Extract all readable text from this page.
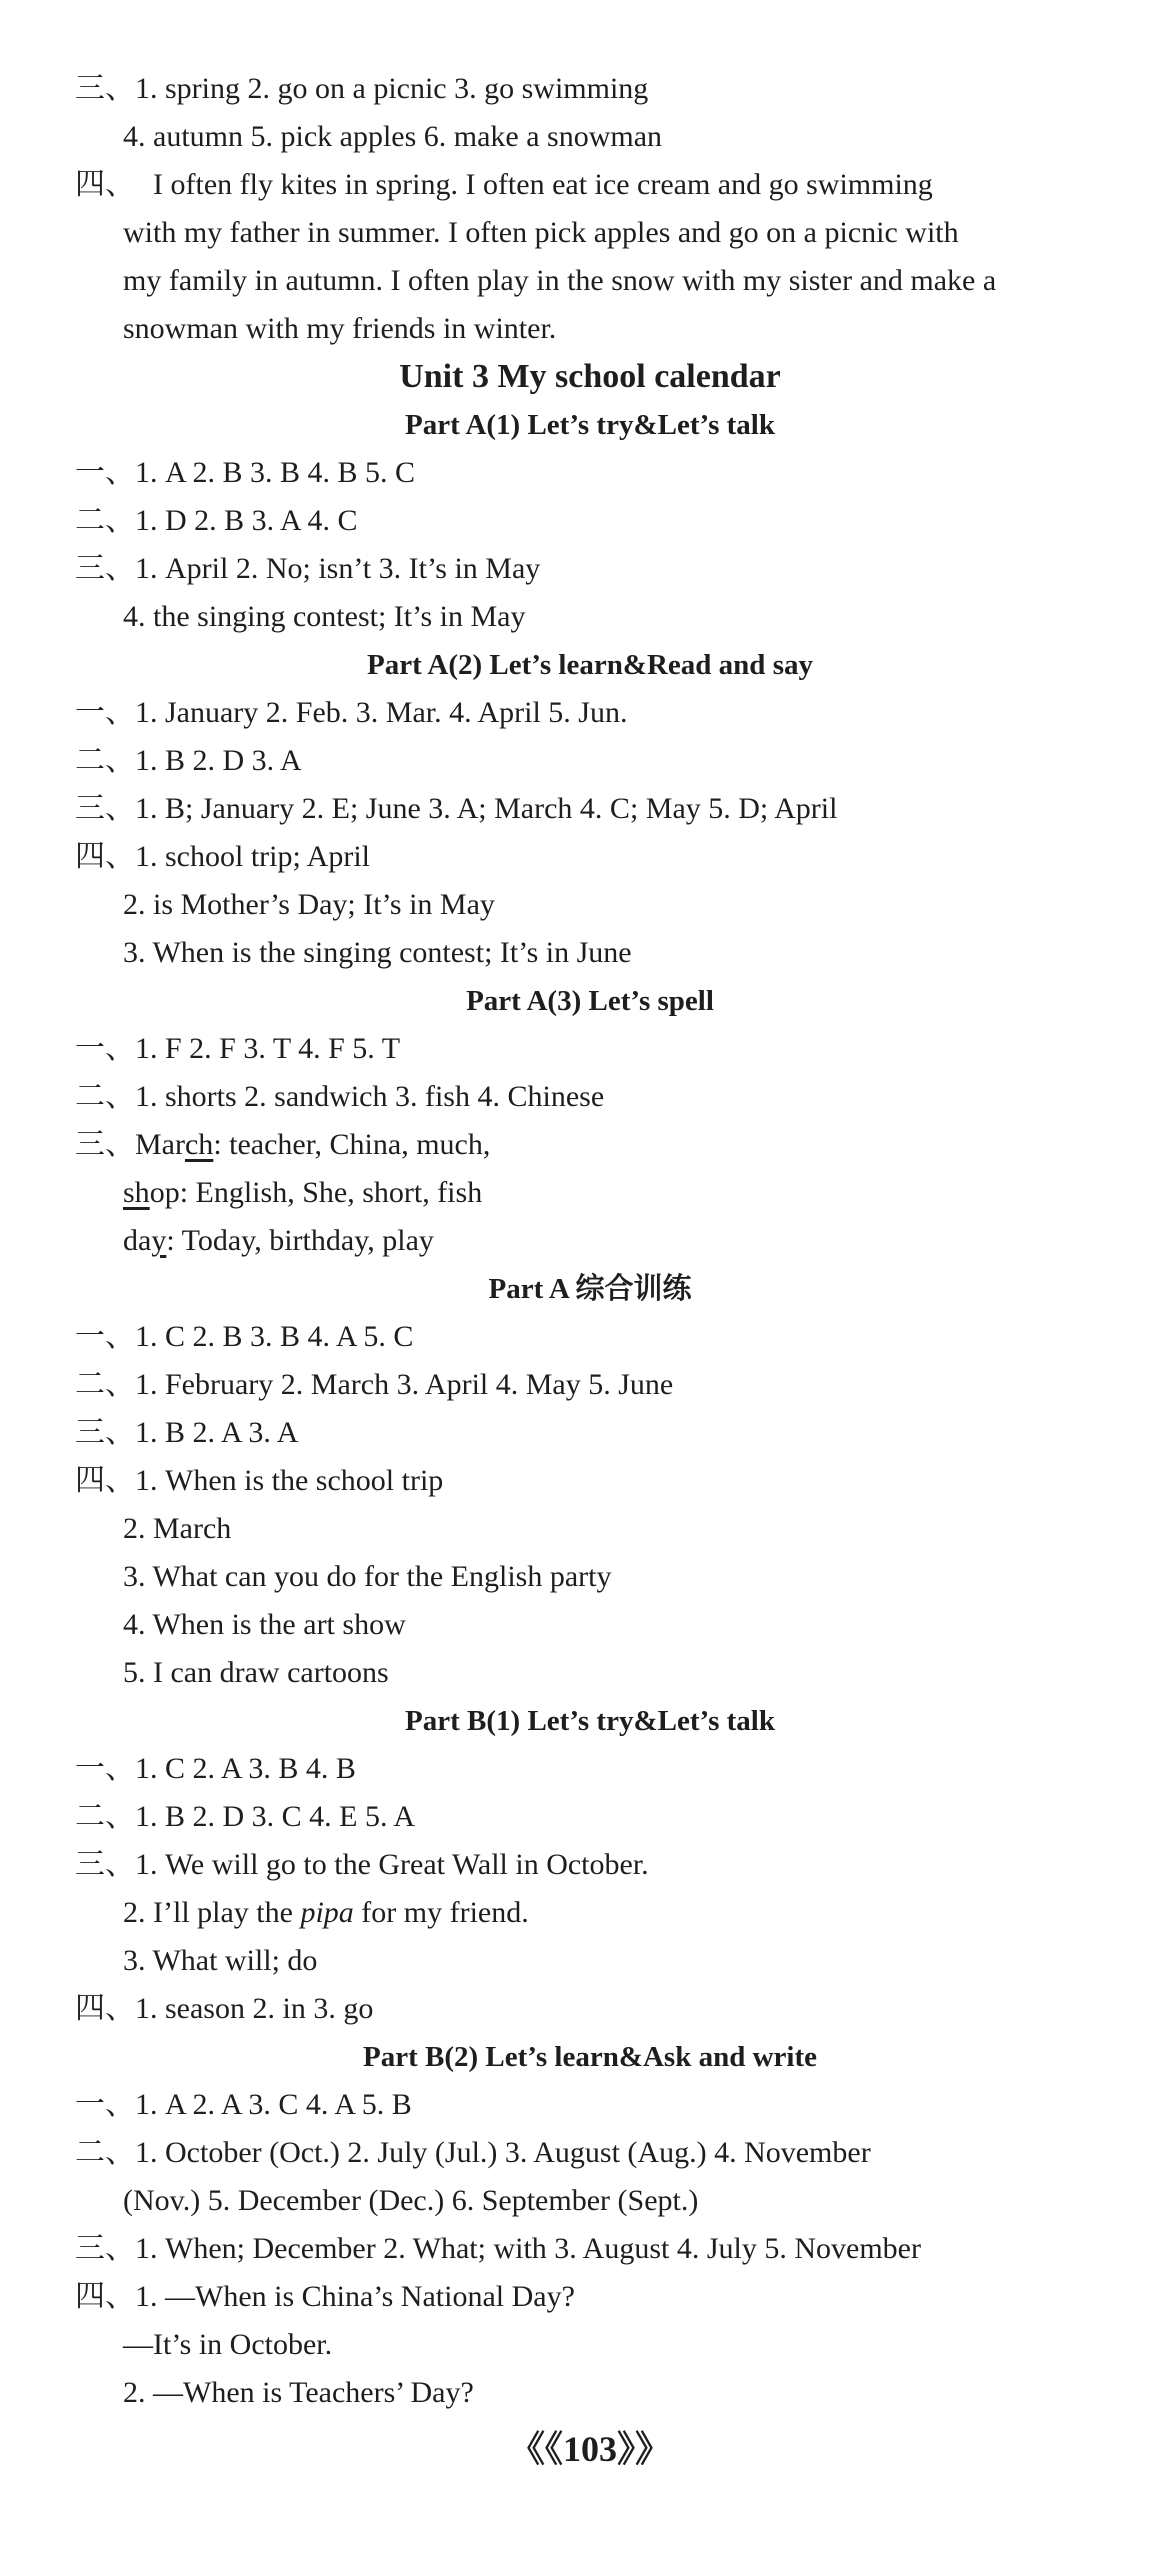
三、1. spring 2. go on a picnic 3. go swimming
4. autumn 5. pick apples 6. make a snowman
四、 I often fly kites in spring. I often eat ice cream and go swimming
with my father in summer. I often pick apples and go on a picnic with
my family in autumn. I often play in the snow with my sister and make a
snowman with my friends in winter.
Unit 3 My school calendar
Part A(1) Let’s try&Let’s talk
一、1. A 2. B 3. B 4. B 5. C
二、1. D 2. B 3. A 4. C
三、1. April 2. No; isn’t 3. It’s in May
4. the singing contest; It’s in May
Part A(2) Let’s learn&Read and say
一、1. January 2. Feb. 3. Mar. 4. April 5. Jun.
二、1. B 2. D 3. A
三、1. B; January 2. E; June 3. A; March 4. C; May 5. D; April
四、1. school trip; April
2. is Mother’s Day; It’s in May
3. When is the singing contest; It’s in June
Part A(3) Let’s spell
一、1. F 2. F 3. T 4. F 5. T
二、1. shorts 2. sandwich 3. fish 4. Chinese
三、March: teacher, China, much,
shop: English, She, short, fish
day: Today, birthday, play
Part A 综合训练
一、1. C 2. B 3. B 4. A 5. C
二、1. February 2. March 3. April 4. May 5. June
三、1. B 2. A 3. A
四、1. When is the school trip
2. March
3. What can you do for the English party
4. When is the art show
5. I can draw cartoons
Part B(1) Let’s try&Let’s talk
一、1. C 2. A 3. B 4. B
二、1. B 2. D 3. C 4. E 5. A
三、1. We will go to the Great Wall in October.
2. I’ll play the pipa for my friend.
3. What will; do
四、1. season 2. in 3. go
Part B(2) Let’s learn&Ask and write
一、1. A 2. A 3. C 4. A 5. B
二、1. October (Oct.) 2. July (Jul.) 3. August (Aug.) 4. November
(Nov.) 5. December (Dec.) 6. September (Sept.)
三、1. When; December 2. What; with 3. August 4. July 5. November
四、1. —When is China’s National Day?
—It’s in October.
2. —When is Teachers’ Day?
《《103》》
